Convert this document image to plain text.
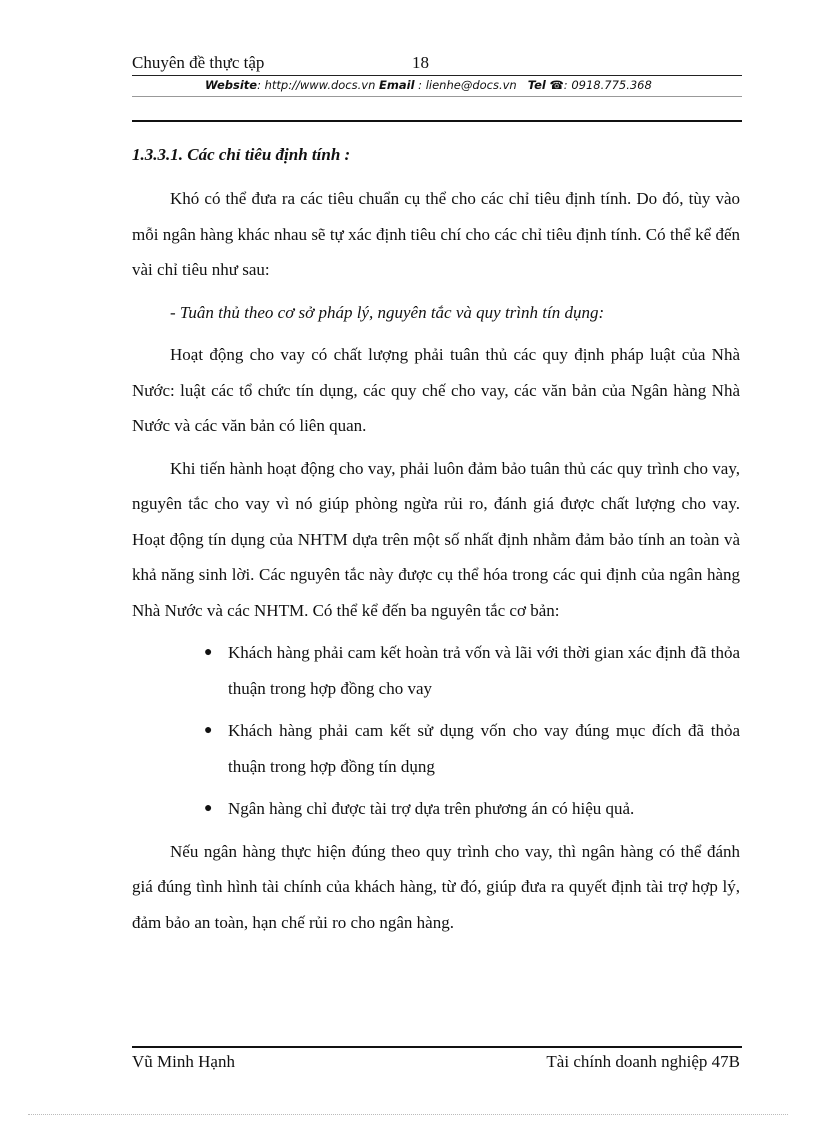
Chuyên đề thực tập	18
Website: http://www.docs.vn Email : lienhe@docs.vn Tel ☎: 0918.775.368
1.3.3.1. Các chỉ tiêu định tính :

Khó có thể đưa ra các tiêu chuẩn cụ thể cho các chỉ tiêu định tính. Do đó, tùy vào mỗi ngân hàng khác nhau sẽ tự xác định tiêu chí cho các chỉ tiêu định tính. Có thể kể đến vài chỉ tiêu như sau:

- Tuân thủ theo cơ sở pháp lý, nguyên tắc và quy trình tín dụng:

Hoạt động cho vay có chất lượng phải tuân thủ các quy định pháp luật của Nhà Nước: luật các tổ chức tín dụng, các quy chế cho vay, các văn bản của Ngân hàng Nhà Nước và các văn bản có liên quan.

Khi tiến hành hoạt động cho vay, phải luôn đảm bảo tuân thủ các quy trình cho vay, nguyên tắc cho vay vì nó giúp phòng ngừa rủi ro, đánh giá được chất lượng cho vay. Hoạt động tín dụng của NHTM dựa trên một số nhất định nhằm đảm bảo tính an toàn và khả năng sinh lời. Các nguyên tắc này được cụ thể hóa trong các qui định của ngân hàng Nhà Nước và các NHTM. Có thể kể đến ba nguyên tắc cơ bản:

● Khách hàng phải cam kết hoàn trả vốn và lãi với thời gian xác định đã thỏa thuận trong hợp đồng cho vay
● Khách hàng phải cam kết sử dụng vốn cho vay đúng mục đích đã thỏa thuận trong hợp đồng tín dụng
● Ngân hàng chỉ được tài trợ dựa trên phương án có hiệu quả.

Nếu ngân hàng thực hiện đúng theo quy trình cho vay, thì ngân hàng có thể đánh giá đúng tình hình tài chính của khách hàng, từ đó, giúp đưa ra quyết định tài trợ hợp lý, đảm bảo an toàn, hạn chế rủi ro cho ngân hàng.

Vũ Minh Hạnh	Tài chính doanh nghiệp 47B
